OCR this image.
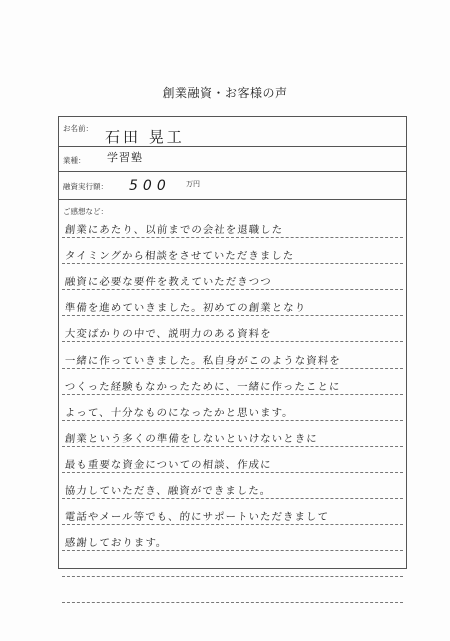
創業融資・お客様の声
お名前： 石田 晃工
業種： 学習塾
融資実行額： 500 万円
ご感想など：
創業にあたり、以前までの会社を退職した
タイミングから相談をさせていただきました
融資に必要な要件を教えていただきつつ
準備を進めていきました。初めての創業となり
大変ばかりの中で、説明力のある資料を
一緒に作っていきました。私自身がこのような資料を
つくった経験もなかったために、一緒に作ったことに
よって、十分なものになったかと思います。
創業という多くの準備をしないといけないときに
最も重要な資金についての相談、作成に
協力していただき、融資ができました。
電話やメール等でも、的にサポートいただきまして
感謝しております。
